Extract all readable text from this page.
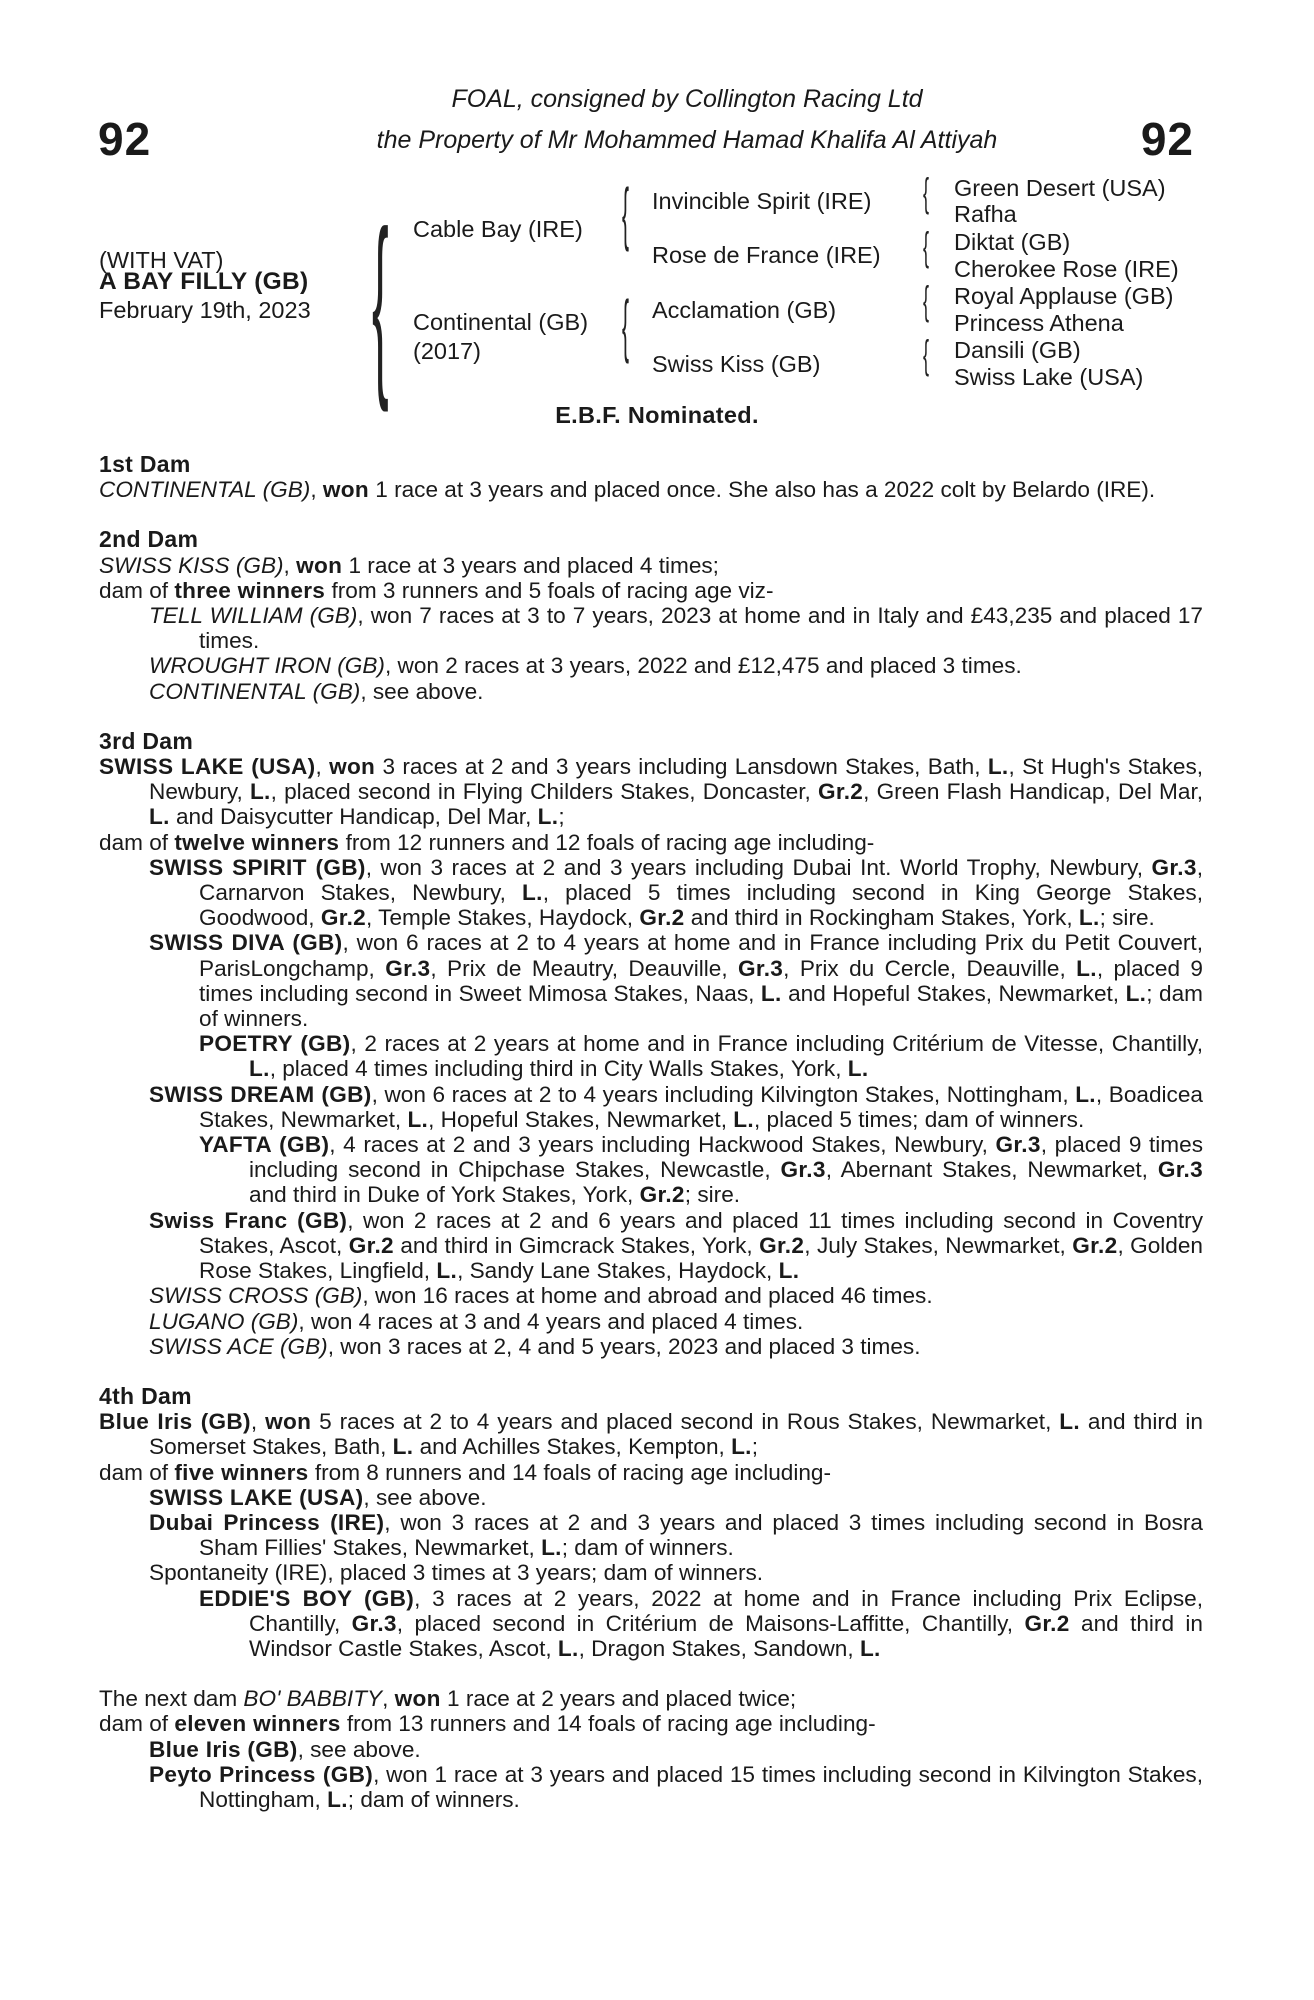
92	92
FOAL, consigned by Collington Racing Ltd
the Property of Mr Mohammed Hamad Khalifa Al Attiyah
(WITH VAT)
A BAY FILLY (GB)
February 19th, 2023 { Cable Bay (IRE)
Continental (GB)
(2017)
{
{
Invincible Spirit (IRE)
Rose de France (IRE)
Acclamation (GB)
Swiss Kiss (GB)
{
{
{
{
Green Desert (USA)
Rafha
Diktat (GB)
Cherokee Rose (IRE)
Royal Applause (GB)
Princess Athena
Dansili (GB)
Swiss Lake (USA)
E.B.F. Nominated.
1st Dam
CONTINENTAL (GB), won 1 race at 3 years and placed once. She also has a 2022 colt by Belardo (IRE).
2nd Dam
SWISS KISS (GB), won 1 race at 3 years and placed 4 times;
dam of three winners from 3 runners and 5 foals of racing age viz-
TELL WILLIAM (GB), won 7 races at 3 to 7 years, 2023 at home and in Italy and £43,235 and placed 17 times.
WROUGHT IRON (GB), won 2 races at 3 years, 2022 and £12,475 and placed 3 times.
CONTINENTAL (GB), see above.
3rd Dam
SWISS LAKE (USA), won 3 races at 2 and 3 years including Lansdown Stakes, Bath, L., St Hugh's Stakes, Newbury, L., placed second in Flying Childers Stakes, Doncaster, Gr.2, Green Flash Handicap, Del Mar, L. and Daisycutter Handicap, Del Mar, L.;
dam of twelve winners from 12 runners and 12 foals of racing age including-
SWISS SPIRIT (GB), won 3 races at 2 and 3 years including Dubai Int. World Trophy, Newbury, Gr.3, Carnarvon Stakes, Newbury, L., placed 5 times including second in King George Stakes, Goodwood, Gr.2, Temple Stakes, Haydock, Gr.2 and third in Rockingham Stakes, York, L.; sire.
SWISS DIVA (GB), won 6 races at 2 to 4 years at home and in France including Prix du Petit Couvert, ParisLongchamp, Gr.3, Prix de Meautry, Deauville, Gr.3, Prix du Cercle, Deauville, L., placed 9 times including second in Sweet Mimosa Stakes, Naas, L. and Hopeful Stakes, Newmarket, L.; dam of winners.
POETRY (GB), 2 races at 2 years at home and in France including Critérium de Vitesse, Chantilly, L., placed 4 times including third in City Walls Stakes, York, L.
SWISS DREAM (GB), won 6 races at 2 to 4 years including Kilvington Stakes, Nottingham, L., Boadicea Stakes, Newmarket, L., Hopeful Stakes, Newmarket, L., placed 5 times; dam of winners.
YAFTA (GB), 4 races at 2 and 3 years including Hackwood Stakes, Newbury, Gr.3, placed 9 times including second in Chipchase Stakes, Newcastle, Gr.3, Abernant Stakes, Newmarket, Gr.3 and third in Duke of York Stakes, York, Gr.2; sire.
Swiss Franc (GB), won 2 races at 2 and 6 years and placed 11 times including second in Coventry Stakes, Ascot, Gr.2 and third in Gimcrack Stakes, York, Gr.2, July Stakes, Newmarket, Gr.2, Golden Rose Stakes, Lingfield, L., Sandy Lane Stakes, Haydock, L.
SWISS CROSS (GB), won 16 races at home and abroad and placed 46 times.
LUGANO (GB), won 4 races at 3 and 4 years and placed 4 times.
SWISS ACE (GB), won 3 races at 2, 4 and 5 years, 2023 and placed 3 times.
4th Dam
Blue Iris (GB), won 5 races at 2 to 4 years and placed second in Rous Stakes, Newmarket, L. and third in Somerset Stakes, Bath, L. and Achilles Stakes, Kempton, L.;
dam of five winners from 8 runners and 14 foals of racing age including-
SWISS LAKE (USA), see above.
Dubai Princess (IRE), won 3 races at 2 and 3 years and placed 3 times including second in Bosra Sham Fillies' Stakes, Newmarket, L.; dam of winners.
Spontaneity (IRE), placed 3 times at 3 years; dam of winners.
EDDIE'S BOY (GB), 3 races at 2 years, 2022 at home and in France including Prix Eclipse, Chantilly, Gr.3, placed second in Critérium de Maisons-Laffitte, Chantilly, Gr.2 and third in Windsor Castle Stakes, Ascot, L., Dragon Stakes, Sandown, L.
The next dam BO' BABBITY, won 1 race at 2 years and placed twice;
dam of eleven winners from 13 runners and 14 foals of racing age including-
Blue Iris (GB), see above.
Peyto Princess (GB), won 1 race at 3 years and placed 15 times including second in Kilvington Stakes, Nottingham, L.; dam of winners.
